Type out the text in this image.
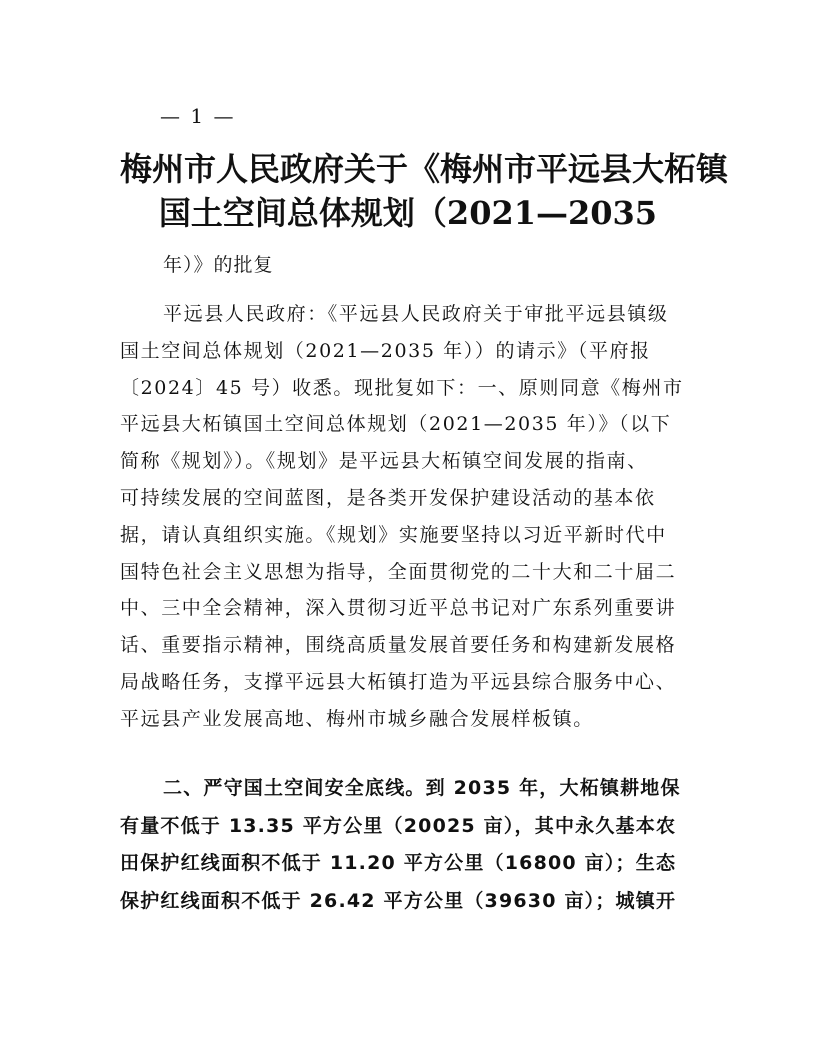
— 1 —
梅州市人民政府关于《梅州市平远县大柘镇
国土空间总体规划（2021—2035
年）》的批复
平远县人民政府：《平远县人民政府关于审批平远县镇级
国土空间总体规划（2021—2035 年））的请示》（平府报
〔2024〕45 号）收悉。现批复如下：一、原则同意《梅州市
平远县大柘镇国土空间总体规划（2021—2035 年）》（以下
简称《规划》）。《规划》是平远县大柘镇空间发展的指南、
可持续发展的空间蓝图，是各类开发保护建设活动的基本依
据，请认真组织实施。《规划》实施要坚持以习近平新时代中
国特色社会主义思想为指导，全面贯彻党的二十大和二十届二
中、三中全会精神，深入贯彻习近平总书记对广东系列重要讲
话、重要指示精神，围绕高质量发展首要任务和构建新发展格
局战略任务，支撑平远县大柘镇打造为平远县综合服务中心、
平远县产业发展高地、梅州市城乡融合发展样板镇。
二、严守国土空间安全底线。到 2035 年，大柘镇耕地保
有量不低于 13.35 平方公里（20025 亩），其中永久基本农
田保护红线面积不低于 11.20 平方公里（16800 亩）；生态
保护红线面积不低于 26.42 平方公里（39630 亩）；城镇开
